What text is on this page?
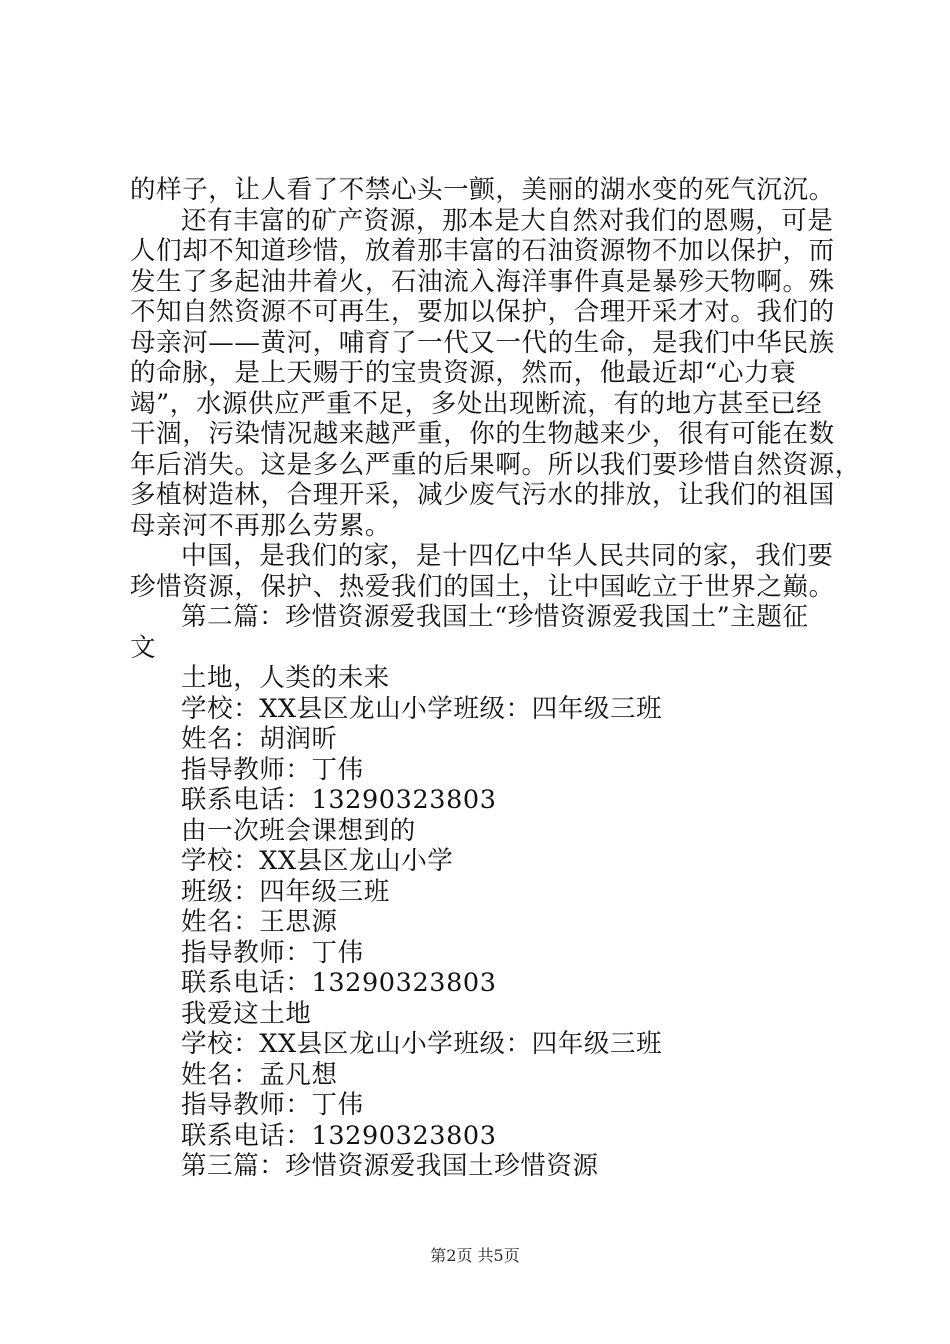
的样子，让人看了不禁心头一颤，美丽的湖水变的死气沉沉。
还有丰富的矿产资源，那本是大自然对我们的恩赐，可是
人们却不知道珍惜，放着那丰富的石油资源物不加以保护，而
发生了多起油井着火，石油流入海洋事件真是暴殄天物啊。殊
不知自然资源不可再生，要加以保护，合理开采才对。我们的
母亲河——黄河，哺育了一代又一代的生命，是我们中华民族
的命脉，是上天赐于的宝贵资源，然而，他最近却“心力衰
竭”，水源供应严重不足，多处出现断流，有的地方甚至已经
干涸，污染情况越来越严重，你的生物越来少，很有可能在数
年后消失。这是多么严重的后果啊。所以我们要珍惜自然资源，
多植树造林，合理开采，减少废气污水的排放，让我们的祖国
母亲河不再那么劳累。
中国，是我们的家，是十四亿中华人民共同的家，我们要
珍惜资源，保护、热爱我们的国土，让中国屹立于世界之巅。
第二篇：珍惜资源爱我国土“珍惜资源爱我国土”主题征
文
土地，人类的未来
学校：XX县区龙山小学班级：四年级三班
姓名：胡润昕
指导教师：丁伟
联系电话：13290323803
由一次班会课想到的
学校：XX县区龙山小学
班级：四年级三班
姓名：王思源
指导教师：丁伟
联系电话：13290323803
我爱这土地
学校：XX县区龙山小学班级：四年级三班
姓名：孟凡想
指导教师：丁伟
联系电话：13290323803
第三篇：珍惜资源爱我国土珍惜资源
第2页 共5页
